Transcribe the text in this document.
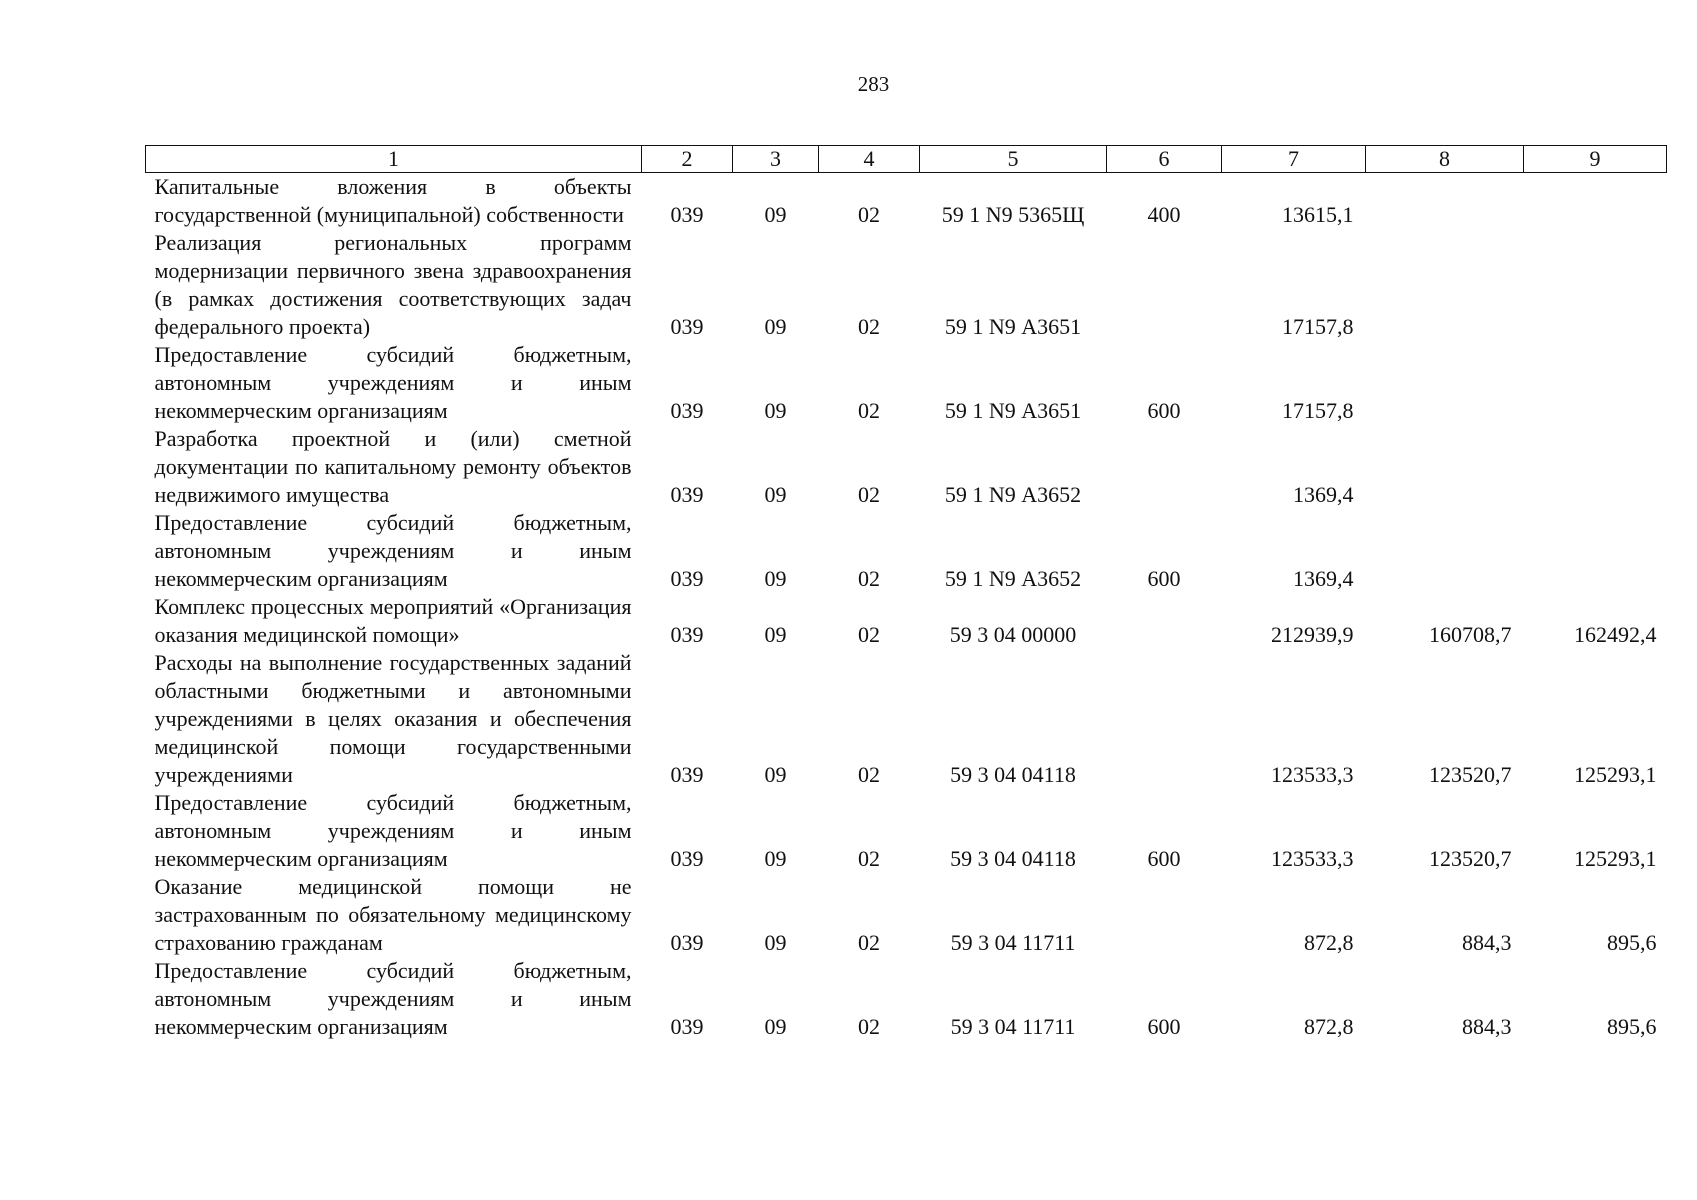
283
1	2	3	4	5	6	7	8	9
Капитальные вложения в объекты государственной (муниципальной) собственности	039	09	02	59 1 N9 5365Щ	400	13615,1		
Реализация региональных программ модернизации первичного звена здравоохранения (в рамках достижения соответствующих задач федерального проекта)	039	09	02	59 1 N9 А3651		17157,8		
Предоставление субсидий бюджетным, автономным учреждениям и иным некоммерческим организациям	039	09	02	59 1 N9 А3651	600	17157,8		
Разработка проектной и (или) сметной документации по капитальному ремонту объектов недвижимого имущества	039	09	02	59 1 N9 А3652		1369,4		
Предоставление субсидий бюджетным, автономным учреждениям и иным некоммерческим организациям	039	09	02	59 1 N9 А3652	600	1369,4		
Комплекс процессных мероприятий «Организация оказания медицинской помощи»	039	09	02	59 3 04 00000		212939,9	160708,7	162492,4
Расходы на выполнение государственных заданий областными бюджетными и автономными учреждениями в целях оказания и обеспечения медицинской помощи государственными учреждениями	039	09	02	59 3 04 04118		123533,3	123520,7	125293,1
Предоставление субсидий бюджетным, автономным учреждениям и иным некоммерческим организациям	039	09	02	59 3 04 04118	600	123533,3	123520,7	125293,1
Оказание медицинской помощи не застрахованным по обязательному медицинскому страхованию гражданам	039	09	02	59 3 04 11711		872,8	884,3	895,6
Предоставление субсидий бюджетным, автономным учреждениям и иным некоммерческим организациям	039	09	02	59 3 04 11711	600	872,8	884,3	895,6
